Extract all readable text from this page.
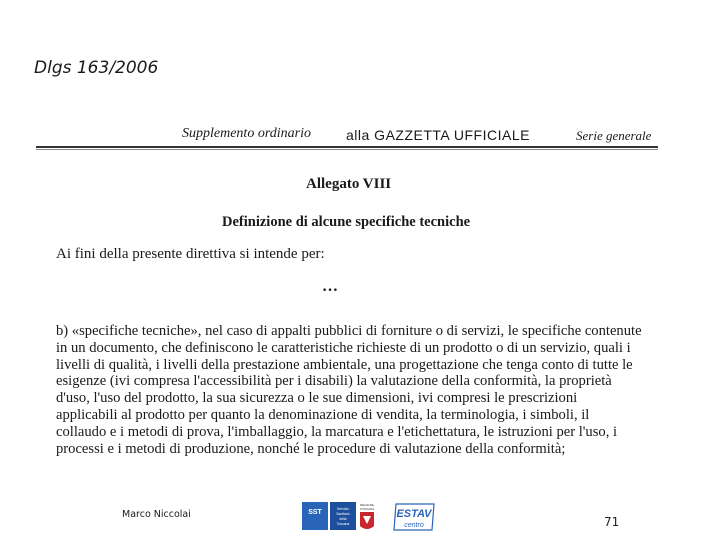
Dlgs 163/2006
Supplemento ordinario	alla GAZZETTA UFFICIALE	Serie generale
Allegato VIII
Definizione di alcune specifiche tecniche
Ai fini della presente direttiva si intende per:
…
b) «specifiche tecniche», nel caso di appalti pubblici di forniture o di servizi, le specifiche contenute
in un documento, che definiscono le caratteristiche richieste di un prodotto o di un servizio, quali i
livelli di qualità, i livelli della prestazione ambientale, una progettazione che tenga conto di tutte le
esigenze (ivi compresa l'accessibilità per i disabili) la valutazione della conformità, la proprietà
d'uso, l'uso del prodotto, la sua sicurezza o le sue dimensioni, ivi compresi le prescrizioni
applicabili al prodotto per quanto la denominazione di vendita, la terminologia, i simboli, il
collaudo e i metodi di prova, l'imballaggio, la marcatura e l'etichettatura, le istruzioni per l'uso, i
processi e i metodi di produzione, nonché le procedure di valutazione della conformità;
Marco Niccolai	SST	Servizio
Sanitario
della
Toscana
REGIONE
TOSCANA ESTAV
centro	71
